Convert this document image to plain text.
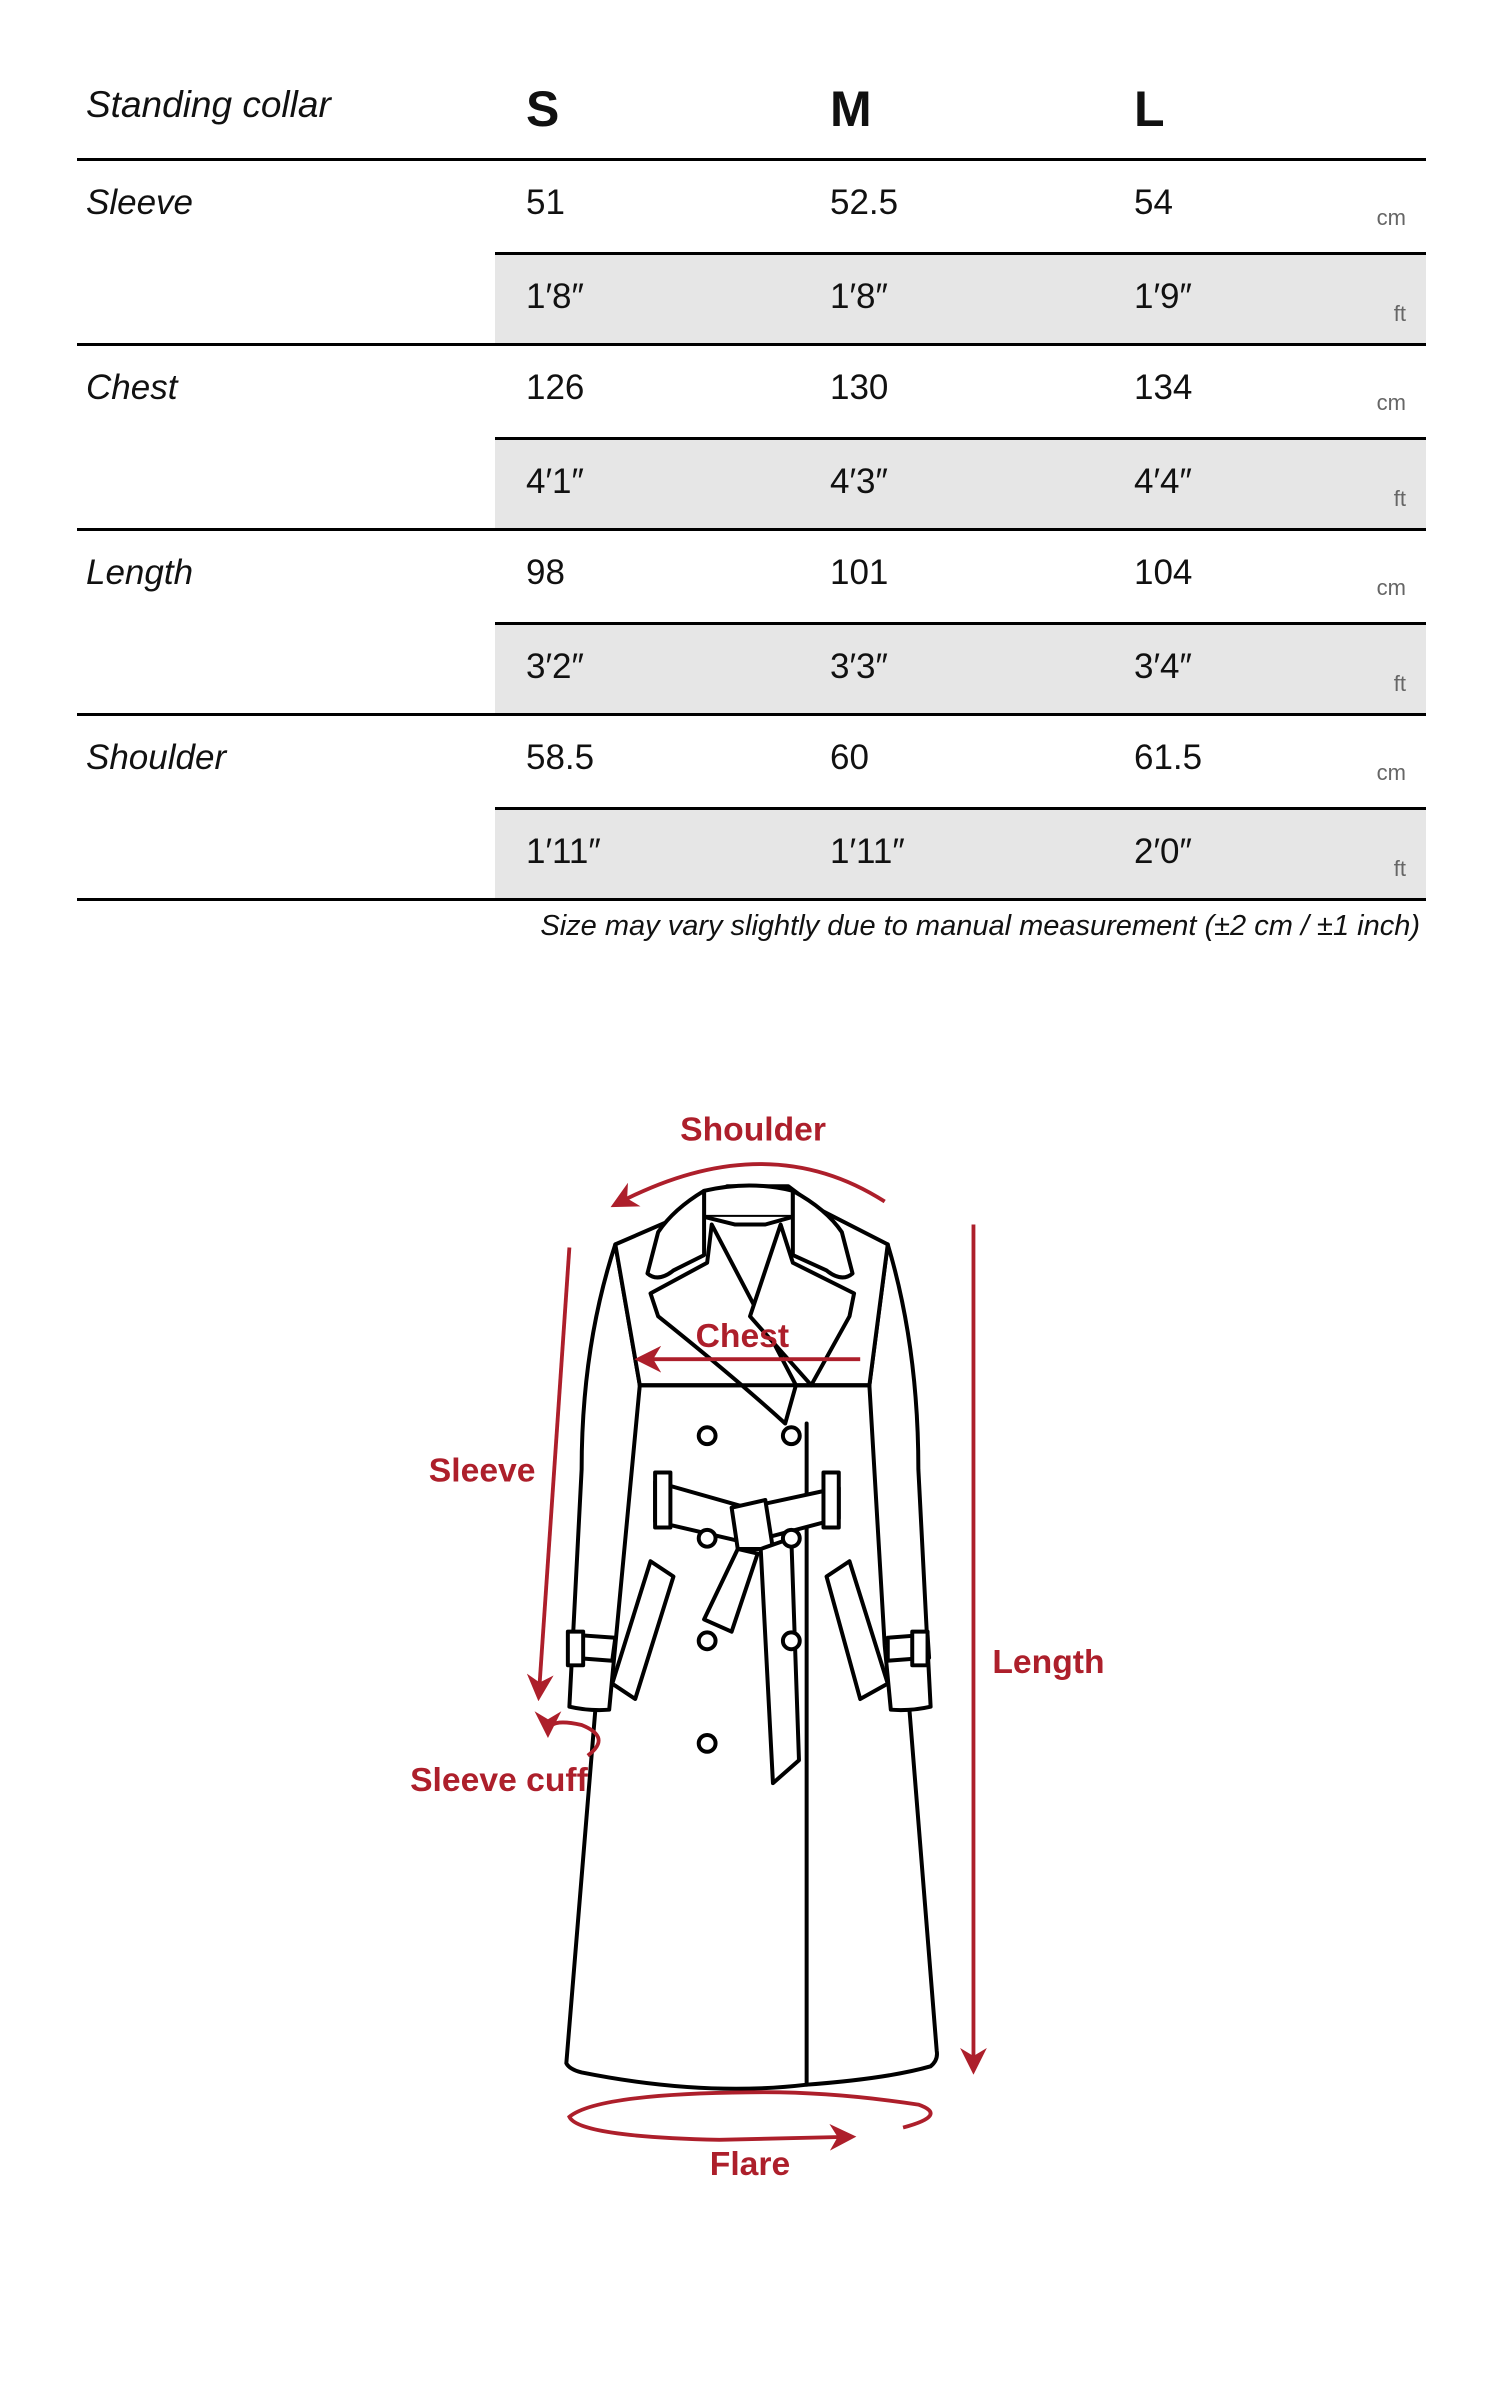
Standing collar	S	M	L
Sleeve	51	52.5	54	cm
1′8″	1′8″	1′9″	ft
Chest	126	130	134	cm
4′1″	4′3″	4′4″	ft
Length	98	101	104	cm
3′2″	3′3″	3′4″	ft
Shoulder	58.5	60	61.5	cm
1′11″	1′11″	2′0″	ft
Size may vary slightly due to manual measurement (±2 cm / ±1 inch)
Shoulder
Chest
Sleeve
Length
Sleeve cuff
Flare
